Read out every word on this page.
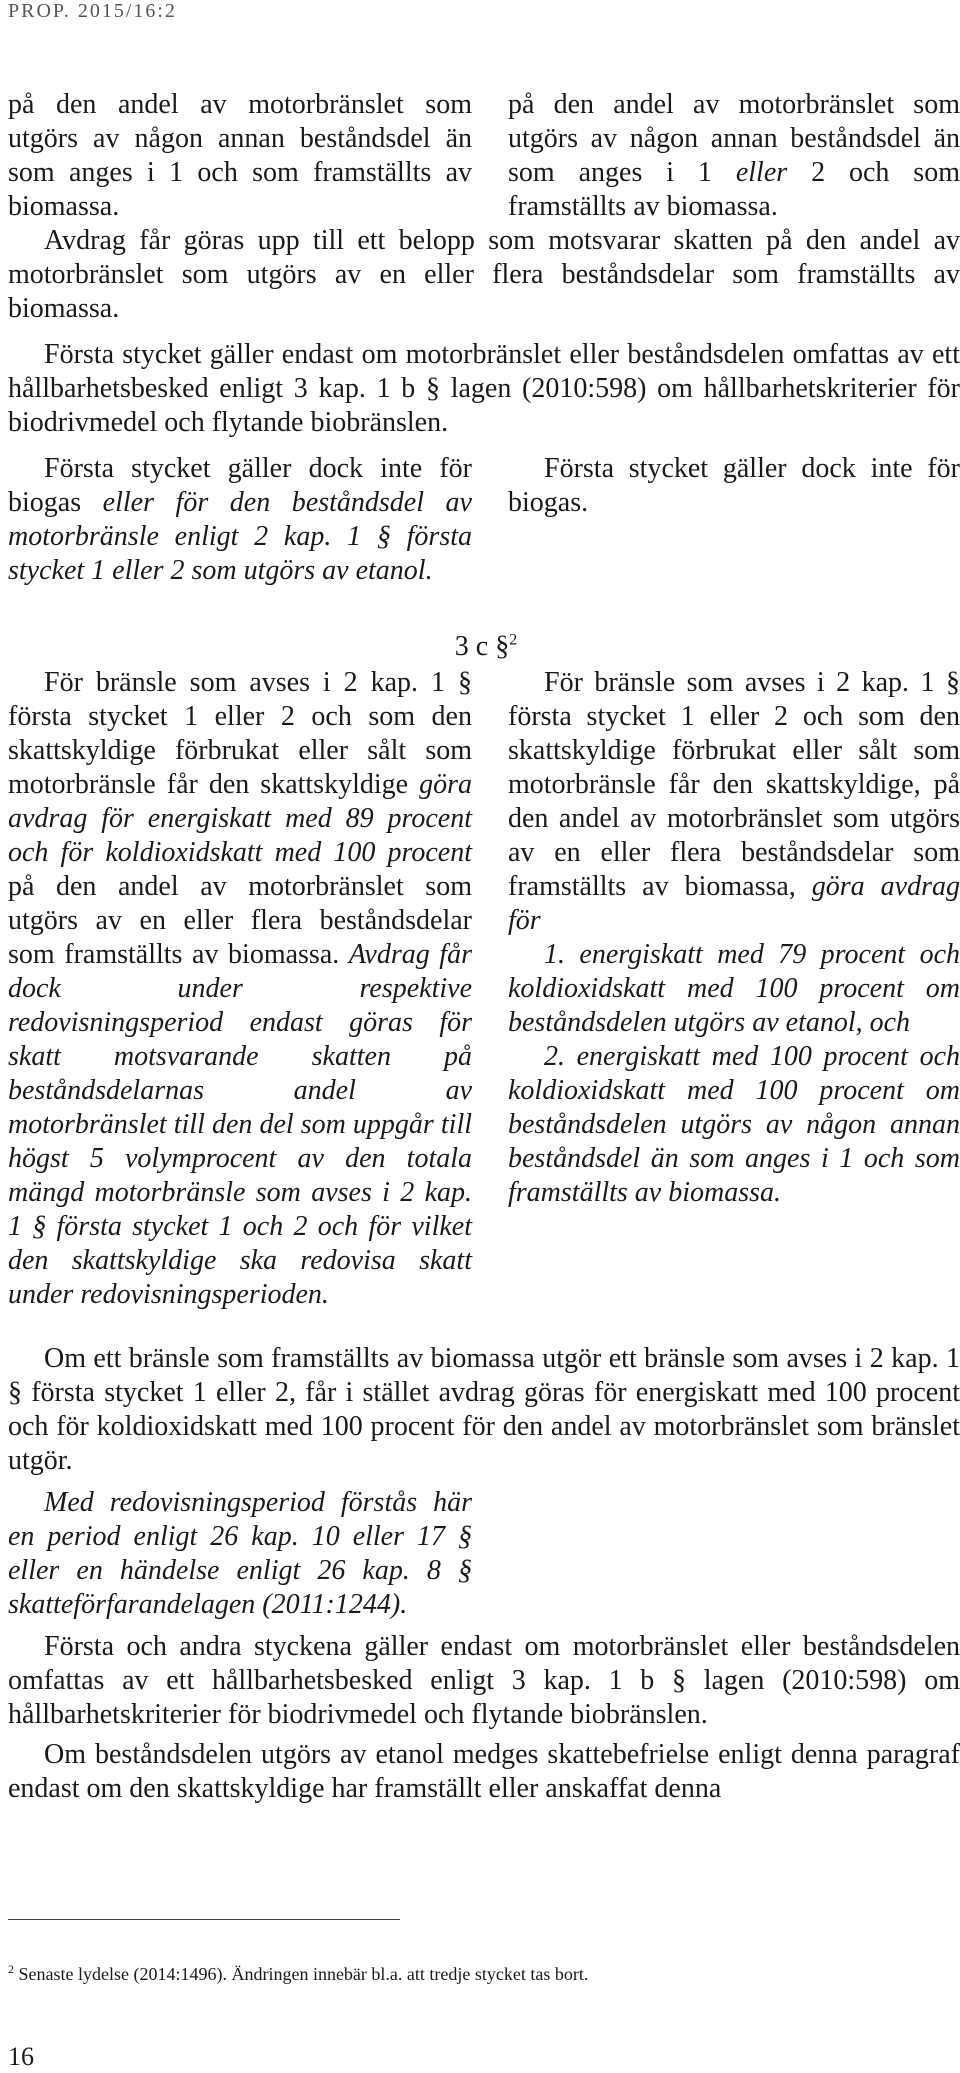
PROP. 2015/16:2

på den andel av motorbränslet som utgörs av någon annan beståndsdel än som anges i 1 och som framställts av biomassa.

på den andel av motorbränslet som utgörs av någon annan beståndsdel än som anges i 1 eller 2 och som framställts av biomassa.

Avdrag får göras upp till ett belopp som motsvarar skatten på den andel av motorbränslet som utgörs av en eller flera beståndsdelar som framställts av biomassa.
Första stycket gäller endast om motorbränslet eller beståndsdelen omfattas av ett hållbarhetsbesked enligt 3 kap. 1 b § lagen (2010:598) om hållbarhetskriterier för biodrivmedel och flytande biobränslen.

Första stycket gäller dock inte för biogas eller för den beståndsdel av motorbränsle enligt 2 kap. 1 § första stycket 1 eller 2 som utgörs av etanol.

Första stycket gäller dock inte för biogas.
3 c §$^2$

För bränsle som avses i 2 kap. 1 § första stycket 1 eller 2 och som den skattskyldige förbrukat eller sålt som motorbränsle får den skattskyldige göra avdrag för energiskatt med 89 procent och för koldioxidskatt med 100 procent på den andel av motorbränslet som utgörs av en eller flera beståndsdelar som framställts av biomassa. Avdrag får dock under respektive redovisningsperiod endast göras för skatt motsvarande skatten på beståndsdelarnas andel av motorbränslet till den del som uppgår till högst 5 volymprocent av den totala mängd motorbränsle som avses i 2 kap. 1 § första stycket 1 och 2 och för vilket den skattskyldige ska redovisa skatt under redovisningsperioden.

För bränsle som avses i 2 kap. 1 § första stycket 1 eller 2 och som den skattskyldige förbrukat eller sålt som motorbränsle får den skattskyldige, på den andel av motorbränslet som utgörs av en eller flera beståndsdelar som framställts av biomassa, göra avdrag för

1. energiskatt med 79 procent och koldioxidskatt med 100 procent om beståndsdelen utgörs av etanol, och

2. energiskatt med 100 procent och koldioxidskatt med 100 procent om beståndsdelen utgörs av någon annan beståndsdel än som anges i 1 och som framställts av biomassa.

Om ett bränsle som framställts av biomassa utgör ett bränsle som avses i 2 kap. 1 § första stycket 1 eller 2, får i stället avdrag göras för energiskatt med 100 procent och för koldioxidskatt med 100 procent för den andel av motorbränslet som bränslet utgör.
Med redovisningsperiod förstås här en period enligt 26 kap. 10 eller 17 § eller en händelse enligt 26 kap. 8 § skatteförfarandelagen (2011:1244).
Första och andra styckena gäller endast om motorbränslet eller beståndsdelen omfattas av ett hållbarhetsbesked enligt 3 kap. 1 b § lagen (2010:598) om hållbarhetskriterier för biodrivmedel och flytande biobränslen.
Om beståndsdelen utgörs av etanol medges skattebefrielse enligt denna paragraf endast om den skattskyldige har framställt eller anskaffat denna
$^2$ Senaste lydelse (2014:1496). Ändringen innebär bl.a. att tredje stycket tas bort.
16
